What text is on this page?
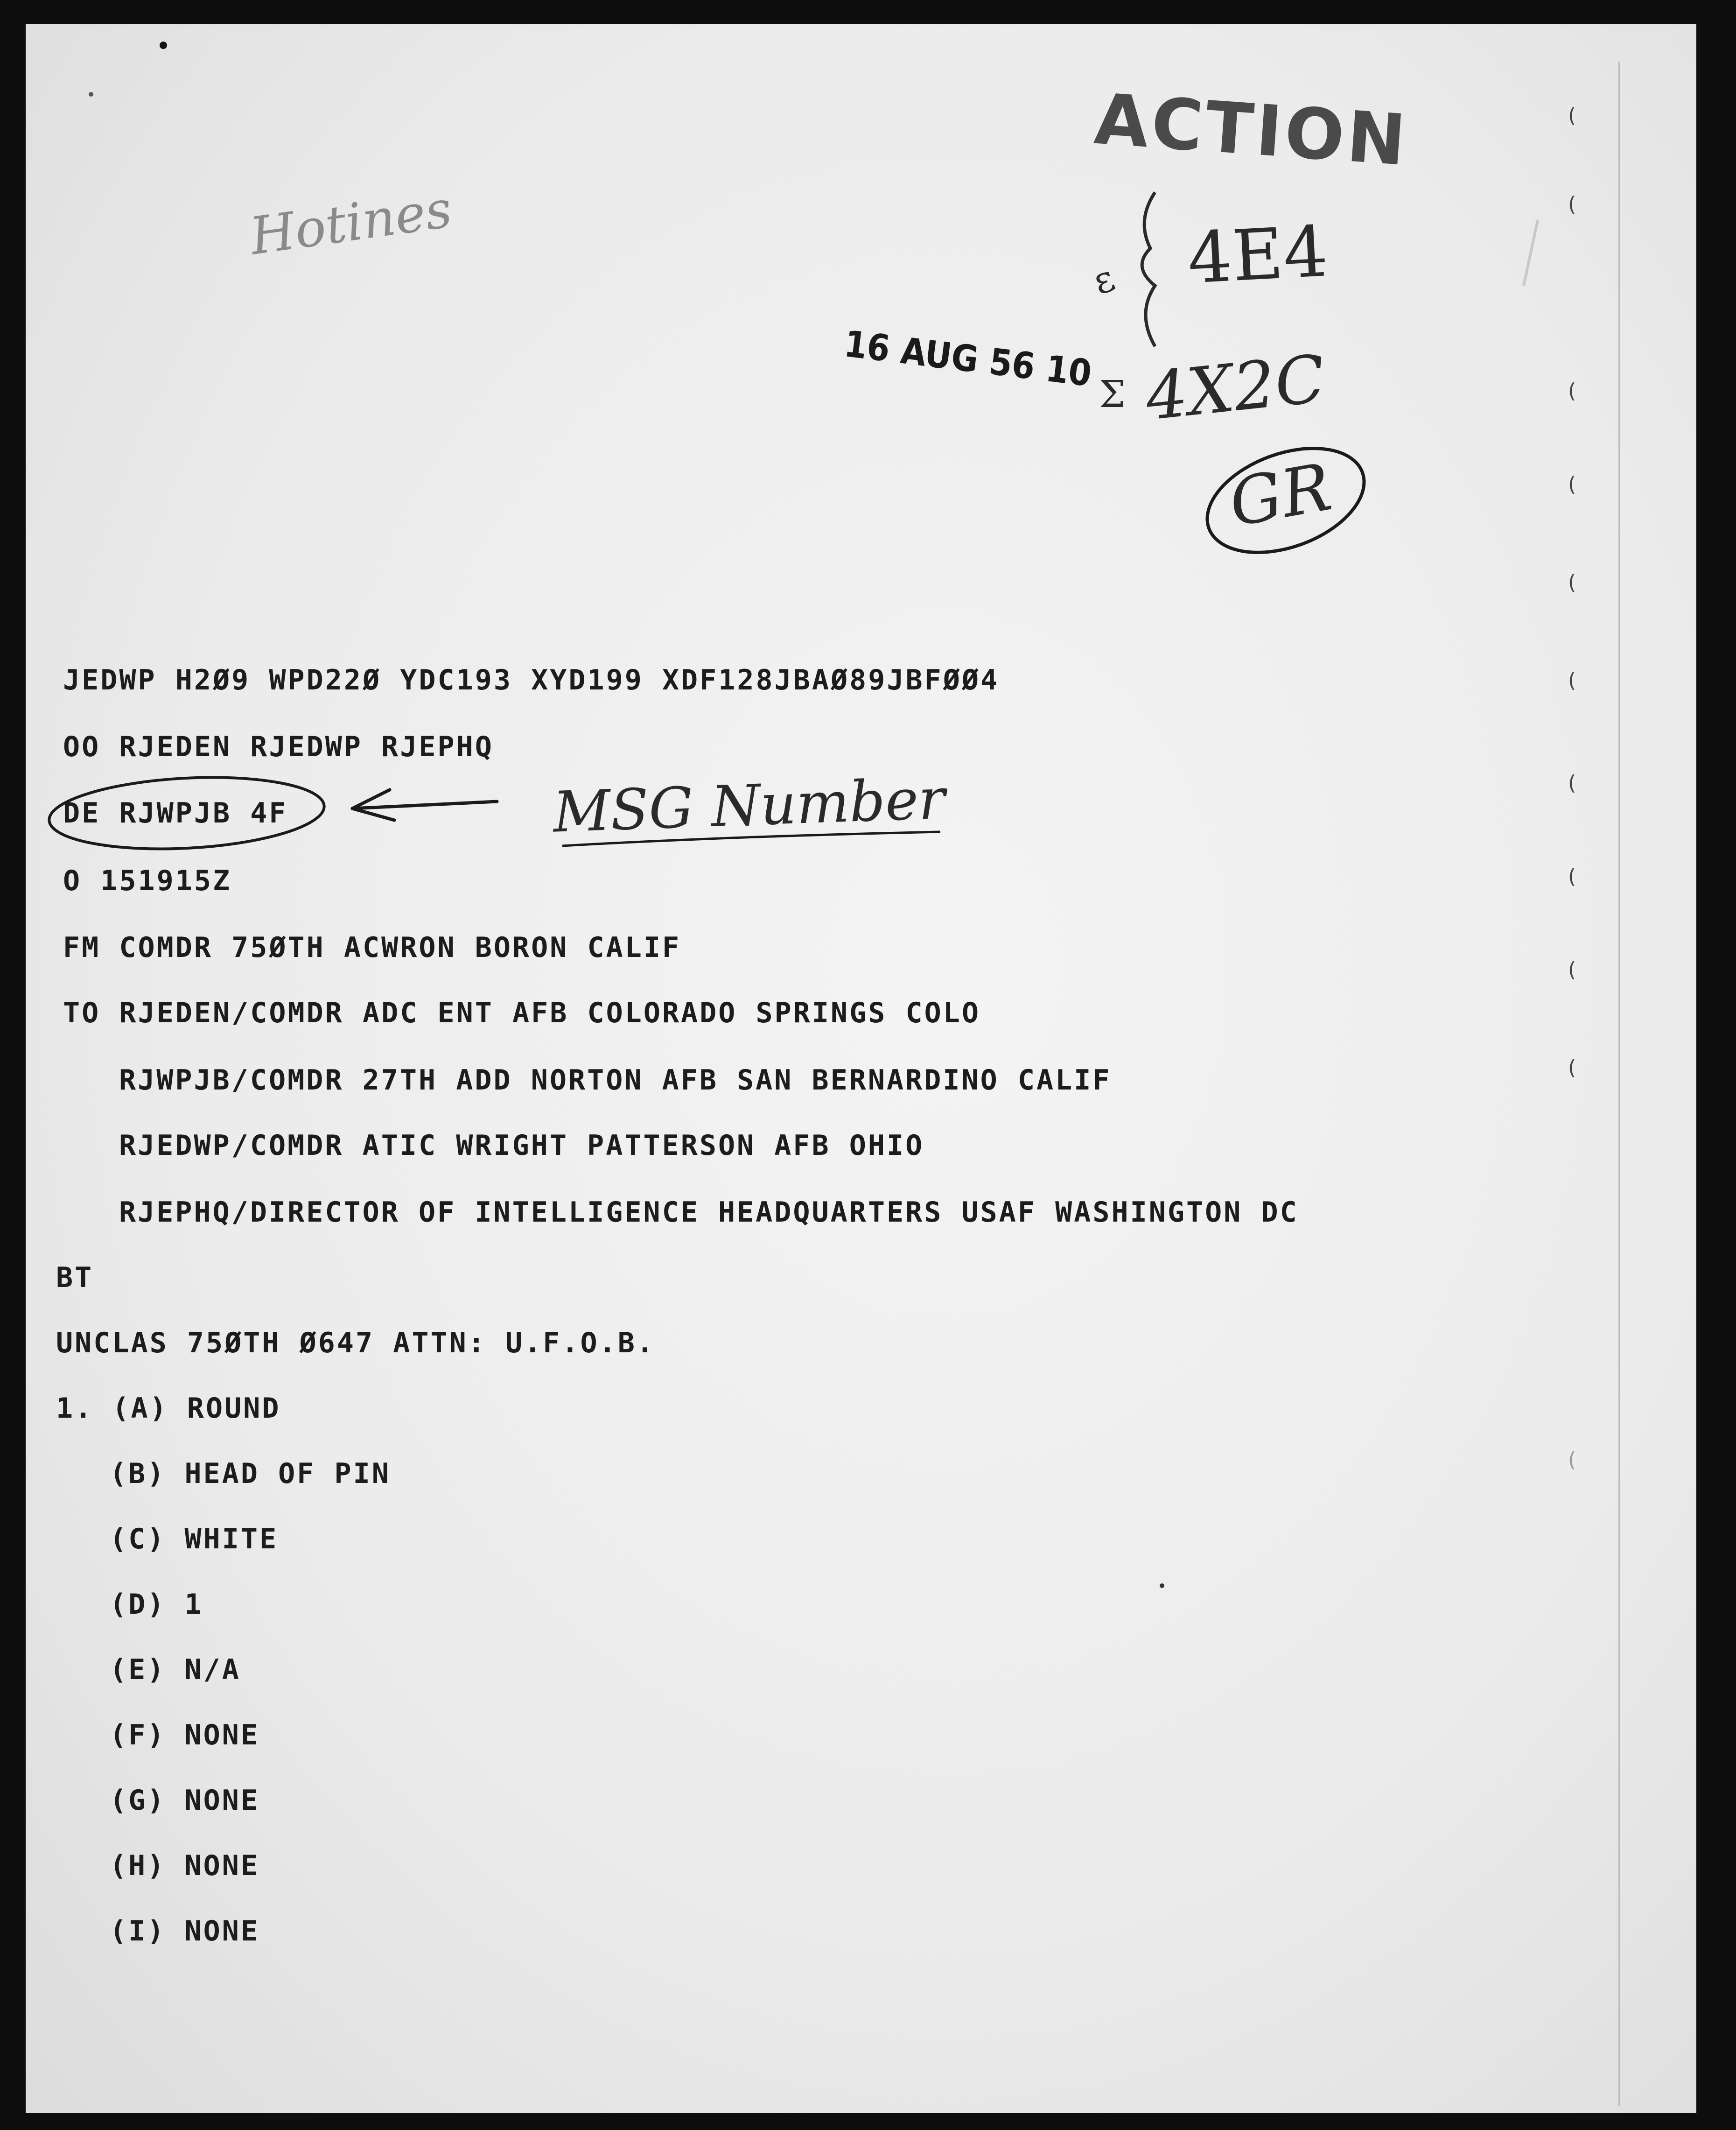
Hotines
ACTION
4E4
4X2C
GR
16 AUG 56 10
JEDWP H2Ø9 WPD22Ø YDC193 XYD199 XDF128JBAØ89JBFØØ4
OO RJEDEN RJEDWP RJEPHQ
DE RJWPJB 4F	MSG Number
O 151915Z
FM COMDR 75ØTH ACWRON BORON CALIF
TO RJEDEN/COMDR ADC ENT AFB COLORADO SPRINGS COLO
RJWPJB/COMDR 27TH ADD NORTON AFB SAN BERNARDINO CALIF
RJEDWP/COMDR ATIC WRIGHT PATTERSON AFB OHIO
RJEPHQ/DIRECTOR OF INTELLIGENCE HEADQUARTERS USAF WASHINGTON DC
BT
UNCLAS 75ØTH Ø647 ATTN: U.F.O.B.
1. (A) ROUND
(B) HEAD OF PIN
(C) WHITE
(D) 1
(E) N/A
(F) NONE
(G) NONE
(H) NONE
(I) NONE
ε
Σ
(
(
(
(
(
(
(
(
(
(
(
